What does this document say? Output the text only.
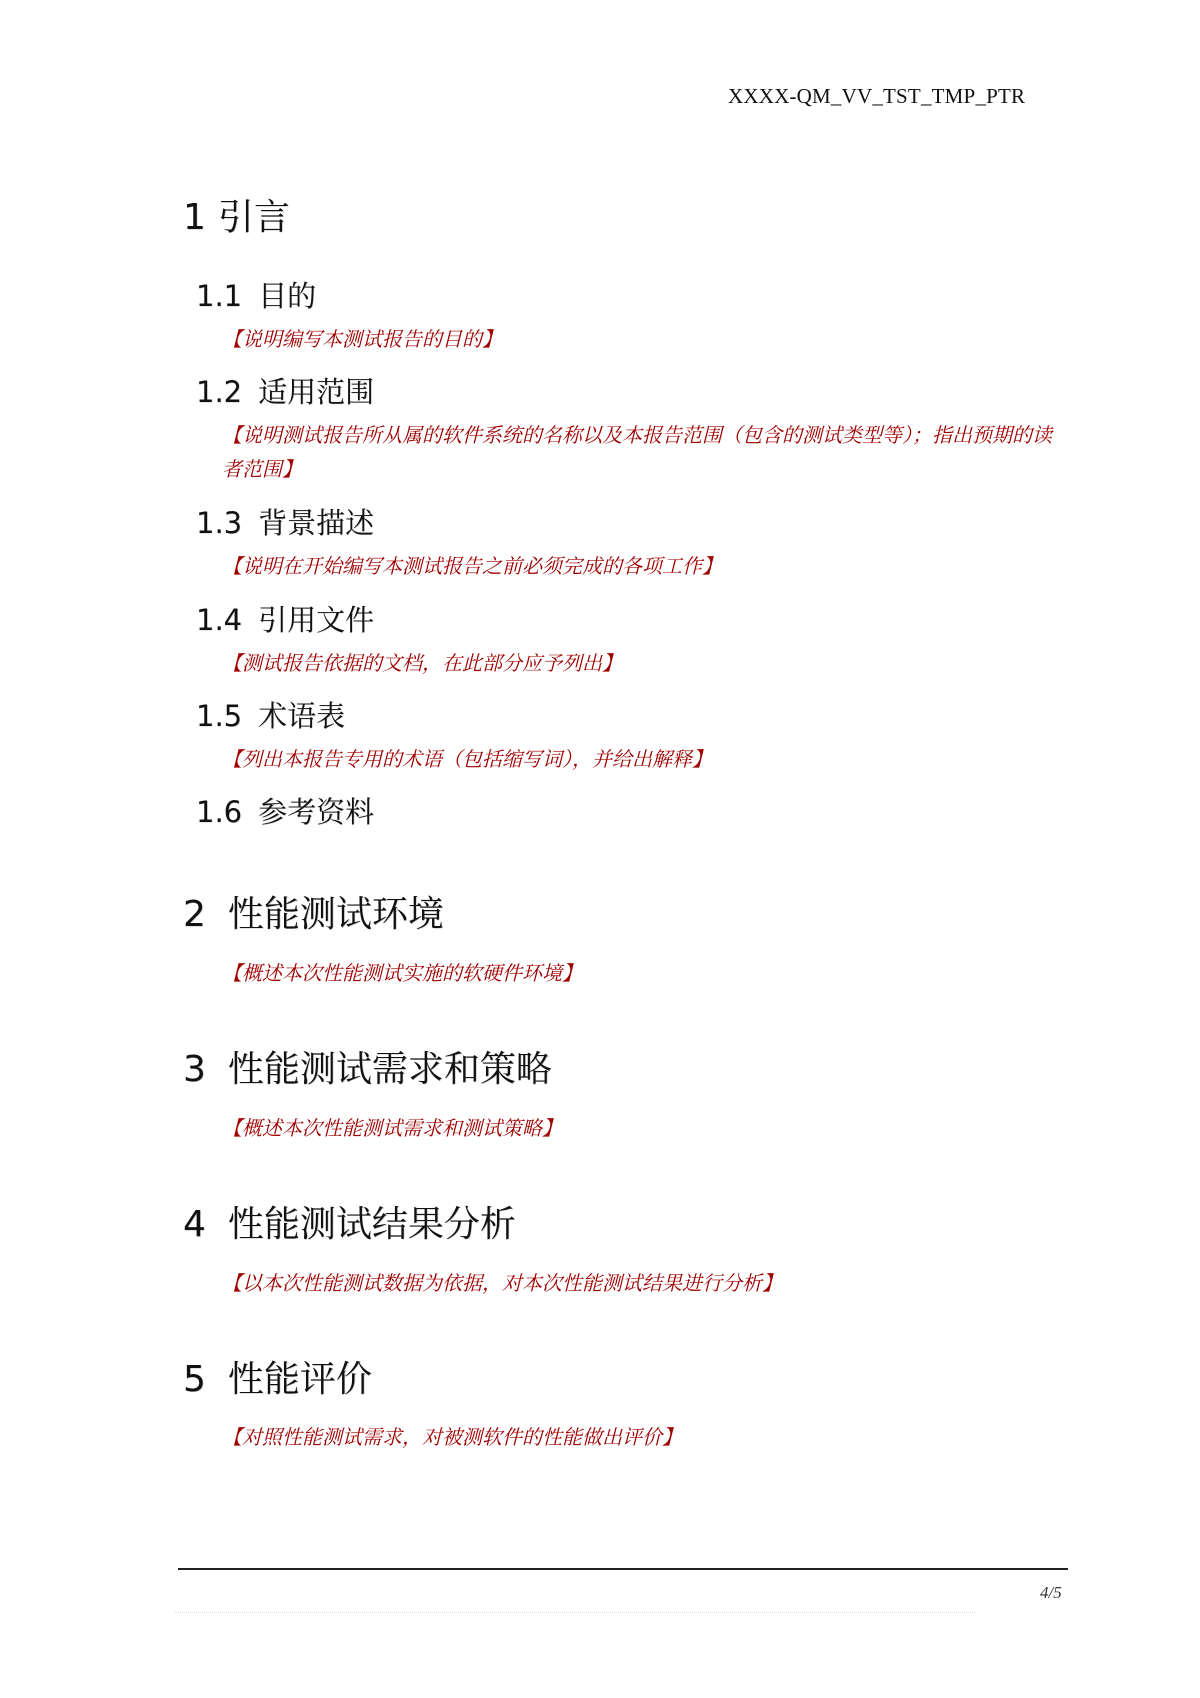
XXXX-QM_VV_TST_TMP_PTR
1 引言
1.1 目的
【说明编写本测试报告的目的】
1.2 适用范围
【说明测试报告所从属的软件系统的名称以及本报告范围（包含的测试类型等）；指出预期的读者范围】
1.3 背景描述
【说明在开始编写本测试报告之前必须完成的各项工作】
1.4 引用文件
【测试报告依据的文档，在此部分应予列出】
1.5 术语表
【列出本报告专用的术语（包括缩写词），并给出解释】
1.6 参考资料
2 性能测试环境
【概述本次性能测试实施的软硬件环境】
3 性能测试需求和策略
【概述本次性能测试需求和测试策略】
4 性能测试结果分析
【以本次性能测试数据为依据，对本次性能测试结果进行分析】
5 性能评价
【对照性能测试需求，对被测软件的性能做出评价】
4/5
